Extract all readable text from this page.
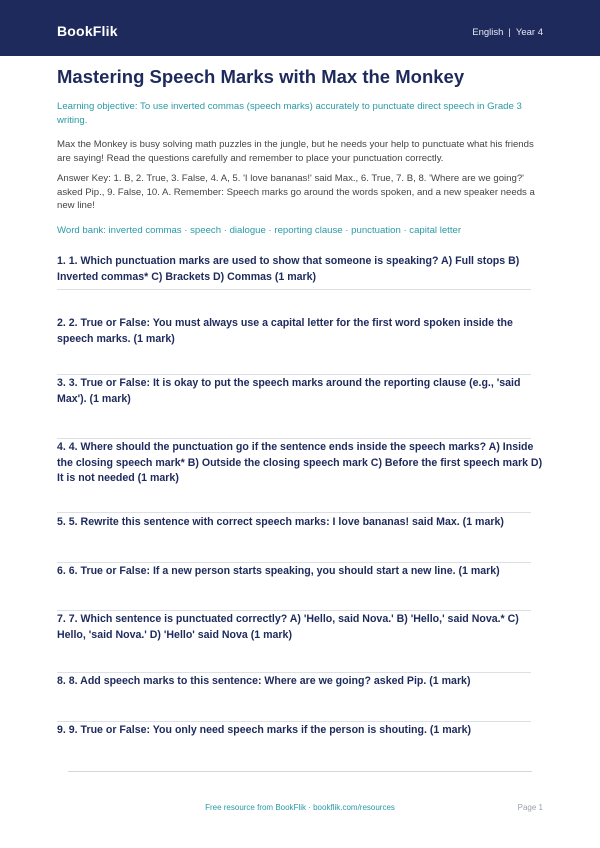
BookFlik	English | Year 4
Mastering Speech Marks with Max the Monkey
Learning objective: To use inverted commas (speech marks) accurately to punctuate direct speech in Grade 3 writing.
Max the Monkey is busy solving math puzzles in the jungle, but he needs your help to punctuate what his friends are saying! Read the questions carefully and remember to place your punctuation correctly.
Answer Key: 1. B, 2. True, 3. False, 4. A, 5. 'I love bananas!' said Max., 6. True, 7. B, 8. 'Where are we going?' asked Pip., 9. False, 10. A. Remember: Speech marks go around the words spoken, and a new speaker needs a new line!
Word bank: inverted commas · speech · dialogue · reporting clause · punctuation · capital letter
1. 1. Which punctuation marks are used to show that someone is speaking? A) Full stops B) Inverted commas* C) Brackets D) Commas (1 mark)
2. 2. True or False: You must always use a capital letter for the first word spoken inside the speech marks. (1 mark)
3. 3. True or False: It is okay to put the speech marks around the reporting clause (e.g., 'said Max'). (1 mark)
4. 4. Where should the punctuation go if the sentence ends inside the speech marks? A) Inside the closing speech mark* B) Outside the closing speech mark C) Before the first speech mark D) It is not needed (1 mark)
5. 5. Rewrite this sentence with correct speech marks: I love bananas! said Max. (1 mark)
6. 6. True or False: If a new person starts speaking, you should start a new line. (1 mark)
7. 7. Which sentence is punctuated correctly? A) 'Hello, said Nova.' B) 'Hello,' said Nova.* C) Hello, 'said Nova.' D) 'Hello' said Nova (1 mark)
8. 8. Add speech marks to this sentence: Where are we going? asked Pip. (1 mark)
9. 9. True or False: You only need speech marks if the person is shouting. (1 mark)
Free resource from BookFlik · bookflik.com/resources	Page 1
